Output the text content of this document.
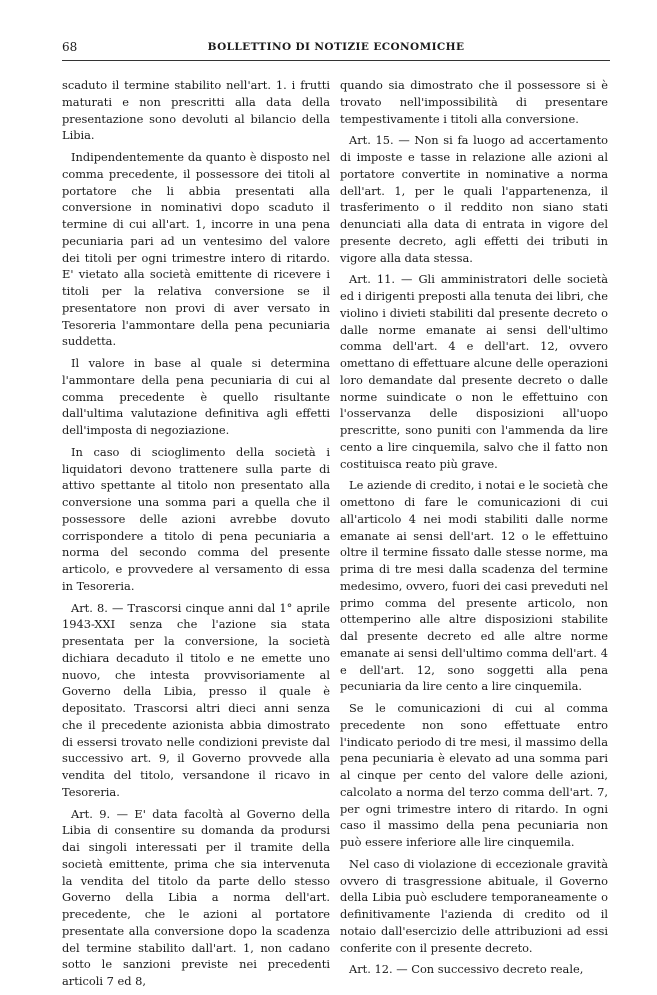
68	BOLLETTINO DI NOTIZIE ECONOMICHE

scaduto il termine stabilito nell'art. 1. i frutti maturati e non prescritti alla data della presentazione sono devoluti al bilancio della Libia.

Indipendentemente da quanto è disposto nel comma precedente, il possessore dei titoli al portatore che li abbia presentati alla conversione in nominativi dopo scaduto il termine di cui all'art. 1, incorre in una pena pecuniaria pari ad un ventesimo del valore dei titoli per ogni trimestre intero di ritardo. E' vietato alla società emittente di ricevere i titoli per la relativa conversione se il presentatore non provi di aver versato in Tesoreria l'ammontare della pena pecuniaria suddetta.

Il valore in base al quale si determina l'ammontare della pena pecuniaria di cui al comma precedente è quello risultante dall'ultima valutazione definitiva agli effetti dell'imposta di negoziazione.

In caso di scioglimento della società i liquidatori devono trattenere sulla parte di attivo spettante al titolo non presentato alla conversione una somma pari a quella che il possessore delle azioni avrebbe dovuto corrispondere a titolo di pena pecuniaria a norma del secondo comma del presente articolo, e provvedere al versamento di essa in Tesoreria.

Art. 8. — Trascorsi cinque anni dal 1° aprile 1943-XXI senza che l'azione sia stata presentata per la conversione, la società dichiara decaduto il titolo e ne emette uno nuovo, che intesta provvisoriamente al Governo della Libia, presso il quale è depositato. Trascorsi altri dieci anni senza che il precedente azionista abbia dimostrato di essersi trovato nelle condizioni previste dal successivo art. 9, il Governo provvede alla vendita del titolo, versandone il ricavo in Tesoreria.

Art. 9. — E' data facoltà al Governo della Libia di consentire su domanda da prodursi dai singoli interessati per il tramite della società emittente, prima che sia intervenuta la vendita del titolo da parte dello stesso Governo della Libia a norma dell'art. precedente, che le azioni al portatore presentate alla conversione dopo la scadenza del termine stabilito dall'art. 1, non cadano sotto le sanzioni previste nei precedenti articoli 7 ed 8,

quando sia dimostrato che il possessore si è trovato nell'impossibilità di presentare tempestivamente i titoli alla conversione.

Art. 15. — Non si fa luogo ad accertamento di imposte e tasse in relazione alle azioni al portatore convertite in nominative a norma dell'art. 1, per le quali l'appartenenza, il trasferimento o il reddito non siano stati denunciati alla data di entrata in vigore del presente decreto, agli effetti dei tributi in vigore alla data stessa.

Art. 11. — Gli amministratori delle società ed i dirigenti preposti alla tenuta dei libri, che violino i divieti stabiliti dal presente decreto o dalle norme emanate ai sensi dell'ultimo comma dell'art. 4 e dell'art. 12, ovvero omettano di effettuare alcune delle operazioni loro demandate dal presente decreto o dalle norme suindicate o non le effettuino con l'osservanza delle disposizioni all'uopo prescritte, sono puniti con l'ammenda da lire cento a lire cinquemila, salvo che il fatto non costituisca reato più grave.

Le aziende di credito, i notai e le società che omettono di fare le comunicazioni di cui all'articolo 4 nei modi stabiliti dalle norme emanate ai sensi dell'art. 12 o le effettuino oltre il termine fissato dalle stesse norme, ma prima di tre mesi dalla scadenza del termine medesimo, ovvero, fuori dei casi preveduti nel primo comma del presente articolo, non ottemperino alle altre disposizioni stabilite dal presente decreto ed alle altre norme emanate ai sensi dell'ultimo comma dell'art. 4 e dell'art. 12, sono soggetti alla pena pecuniaria da lire cento a lire cinquemila.

Se le comunicazioni di cui al comma precedente non sono effettuate entro l'indicato periodo di tre mesi, il massimo della pena pecuniaria è elevato ad una somma pari al cinque per cento del valore delle azioni, calcolato a norma del terzo comma dell'art. 7, per ogni trimestre intero di ritardo. In ogni caso il massimo della pena pecuniaria non può essere inferiore alle lire cinquemila.

Nel caso di violazione di eccezionale gravità ovvero di trasgressione abituale, il Governo della Libia può escludere temporaneamente o definitivamente l'azienda di credito od il notaio dall'esercizio delle attribuzioni ad essi conferite con il presente decreto.

Art. 12. — Con successivo decreto reale,
